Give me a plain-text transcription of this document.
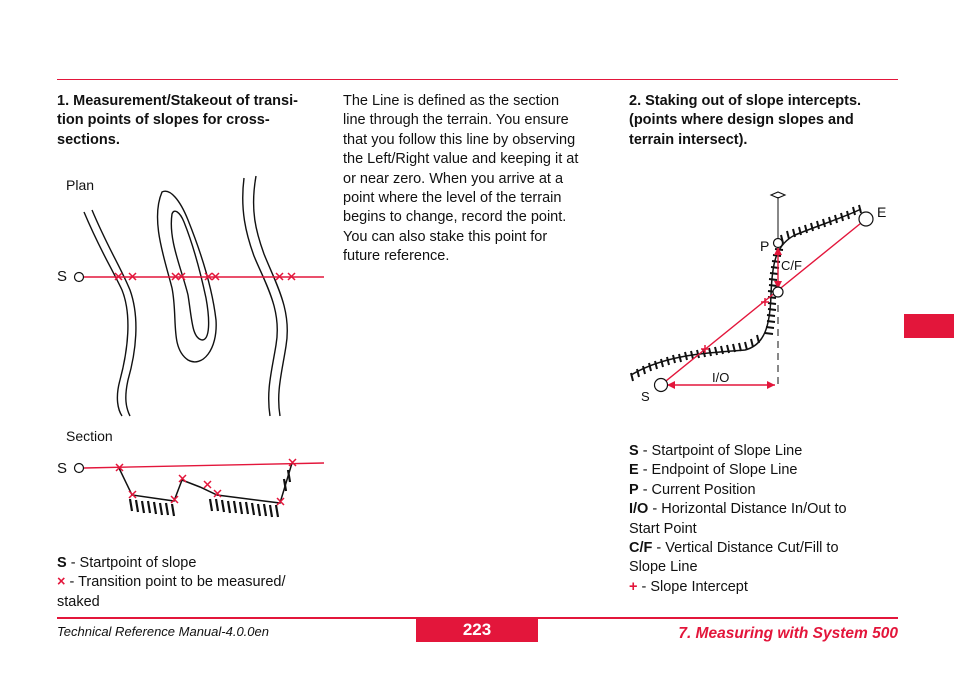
1. Measurement/Stakeout of transi-
tion points of slopes for cross-
sections.
Plan
S
Section
S
S - Startpoint of slope
× - Transition point to be measured/
staked
The Line is defined as the section
line through the terrain. You ensure
that you follow this line by observing
the Left/Right value and keeping it at
or near zero. When you arrive at a
point where the level of the terrain
begins to change, record the point.
You can also stake this point for
future reference.
2. Staking out of slope intercepts.
(points where design slopes and
terrain intersect).
E
P
C/F
I/O
S
S - Startpoint of Slope Line
E - Endpoint of Slope Line
P - Current Position
I/O - Horizontal Distance In/Out to
Start Point
C/F - Vertical Distance Cut/Fill to
Slope Line
+ - Slope Intercept
Technical Reference Manual-4.0.0en	223	7. Measuring with System 500
